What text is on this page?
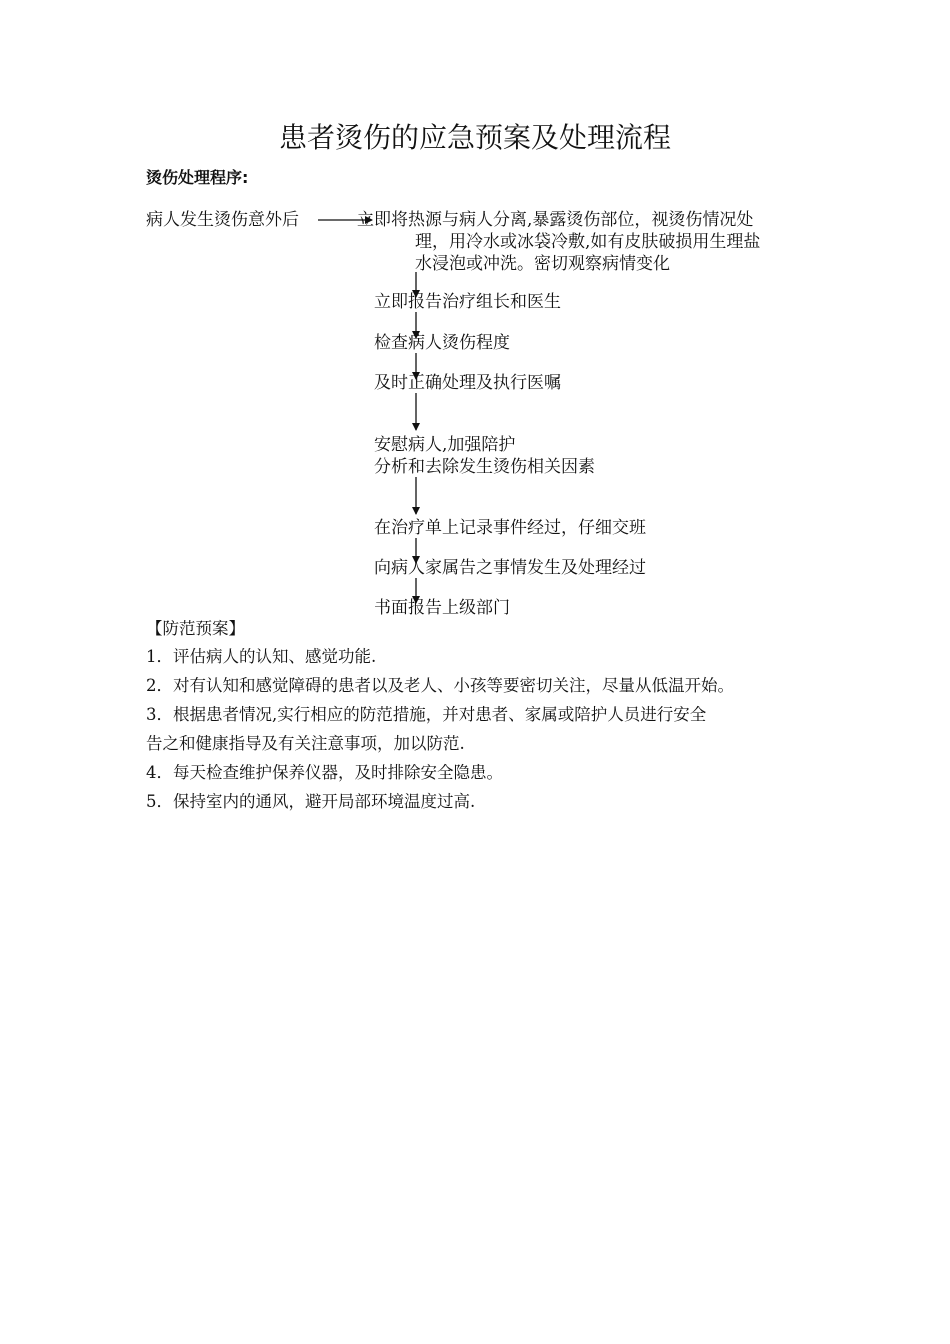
患者烫伤的应急预案及处理流程
烫伤处理程序:
病人发生烫伤意外后	立即将热源与病人分离,暴露烫伤部位，视烫伤情况处
理，用冷水或冰袋冷敷,如有皮肤破损用生理盐
水浸泡或冲洗。密切观察病情变化
立即报告治疗组长和医生
检查病人烫伤程度
及时正确处理及执行医嘱
安慰病人,加强陪护
分析和去除发生烫伤相关因素
在治疗单上记录事件经过，仔细交班
向病人家属告之事情发生及处理经过
书面报告上级部门
【防范预案】
1．评估病人的认知、感觉功能.
2．对有认知和感觉障碍的患者以及老人、小孩等要密切关注，尽量从低温开始。
3．根据患者情况,实行相应的防范措施，并对患者、家属或陪护人员进行安全
告之和健康指导及有关注意事项，加以防范.
4．每天检查维护保养仪器，及时排除安全隐患。
5．保持室内的通风，避开局部环境温度过高.
